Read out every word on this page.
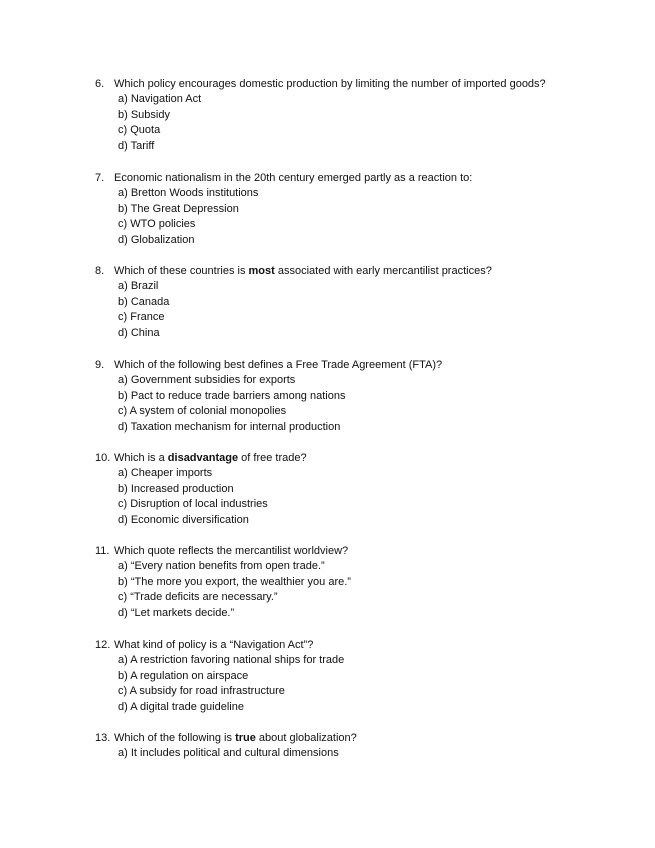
6. Which policy encourages domestic production by limiting the number of imported goods?
a) Navigation Act
b) Subsidy
c) Quota
d) Tariff
7. Economic nationalism in the 20th century emerged partly as a reaction to:
a) Bretton Woods institutions
b) The Great Depression
c) WTO policies
d) Globalization
8. Which of these countries is most associated with early mercantilist practices?
a) Brazil
b) Canada
c) France
d) China
9. Which of the following best defines a Free Trade Agreement (FTA)?
a) Government subsidies for exports
b) Pact to reduce trade barriers among nations
c) A system of colonial monopolies
d) Taxation mechanism for internal production
10. Which is a disadvantage of free trade?
a) Cheaper imports
b) Increased production
c) Disruption of local industries
d) Economic diversification
11. Which quote reflects the mercantilist worldview?
a) “Every nation benefits from open trade.”
b) “The more you export, the wealthier you are.”
c) “Trade deficits are necessary.”
d) “Let markets decide.”
12. What kind of policy is a “Navigation Act”?
a) A restriction favoring national ships for trade
b) A regulation on airspace
c) A subsidy for road infrastructure
d) A digital trade guideline
13. Which of the following is true about globalization?
a) It includes political and cultural dimensions
